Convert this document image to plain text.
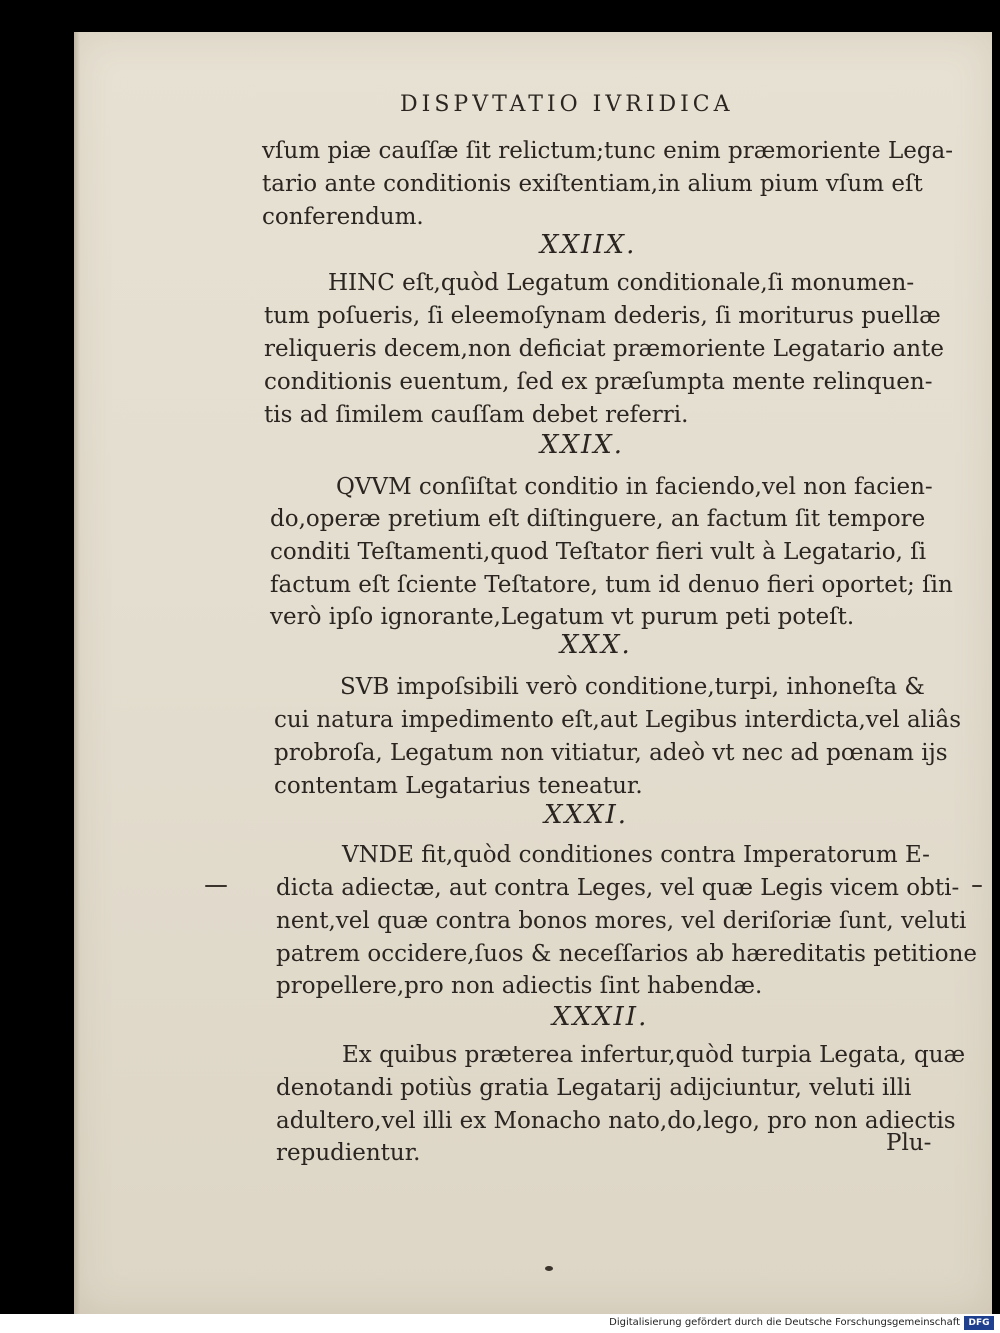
DISPVTATIO IVRIDICA
vſum piæ cauſſæ ſit relictum;tunc enim præmoriente Lega-
tario ante conditionis exiſtentiam,in alium pium vſum eſt
conferendum.
XXIIX.
HINC eſt,quòd Legatum conditionale,ſi monumen-
tum poſueris, ſi eleemoſynam dederis, ſi moriturus puellæ
reliqueris decem,non deficiat præmoriente Legatario ante
conditionis euentum, ſed ex præſumpta mente relinquen-
tis ad ſimilem cauſſam debet referri.
XXIX.
QVVM conſiſtat conditio in faciendo,vel non facien-
do,operæ pretium eſt diſtinguere, an factum ſit tempore
conditi Teſtamenti,quod Teſtator fieri vult à Legatario, ſi
factum eſt ſciente Teſtatore, tum id denuo fieri oportet; ſin
verò ipſo ignorante,Legatum vt purum peti poteſt.
XXX.
SVB impoſsibili verò conditione,turpi, inhoneſta &
cui natura impedimento eſt,aut Legibus interdicta,vel aliâs
probroſa, Legatum non vitiatur, adeò vt nec ad pœnam ijs
contentam Legatarius teneatur.
XXXI.
VNDE fit,quòd conditiones contra Imperatorum E-
dicta adiectæ, aut contra Leges, vel quæ Legis vicem obti-
nent,vel quæ contra bonos mores, vel deriſoriæ ſunt, veluti
patrem occidere,ſuos & neceſſarios ab hæreditatis petitione
propellere,pro non adiectis ſint habendæ.
XXXII.
Ex quibus præterea infertur,quòd turpia Legata, quæ
denotandi potiùs gratia Legatarij adijciuntur, veluti illi
adultero,vel illi ex Monacho nato,do,lego, pro non adiectis
repudientur.	Plu-
Digitalisierung gefördert durch die Deutsche Forschungsgemeinschaft DFG
